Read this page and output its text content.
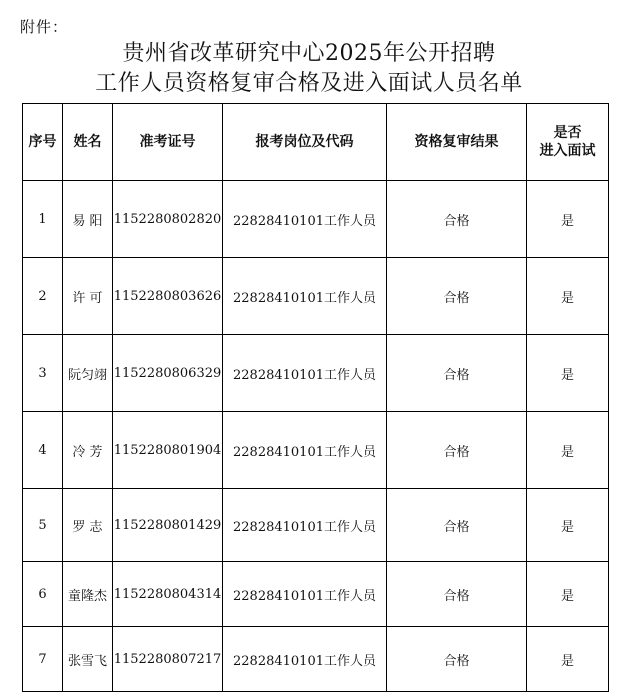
附件：
贵州省改革研究中心2025年公开招聘
工作人员资格复审合格及进入面试人员名单
序号	姓名	准考证号	报考岗位及代码	资格复审结果	是否
进入面试

1	易 阳	1152280802820	22828410101工作人员	合格	是
2	许 可	1152280803626	22828410101工作人员	合格	是
3	阮匀翊	1152280806329	22828410101工作人员	合格	是
4	冷 芳	1152280801904	22828410101工作人员	合格	是
5	罗 志	1152280801429	22828410101工作人员	合格	是
6	童隆杰	1152280804314	22828410101工作人员	合格	是
7	张雪飞	1152280807217	22828410101工作人员	合格	是
